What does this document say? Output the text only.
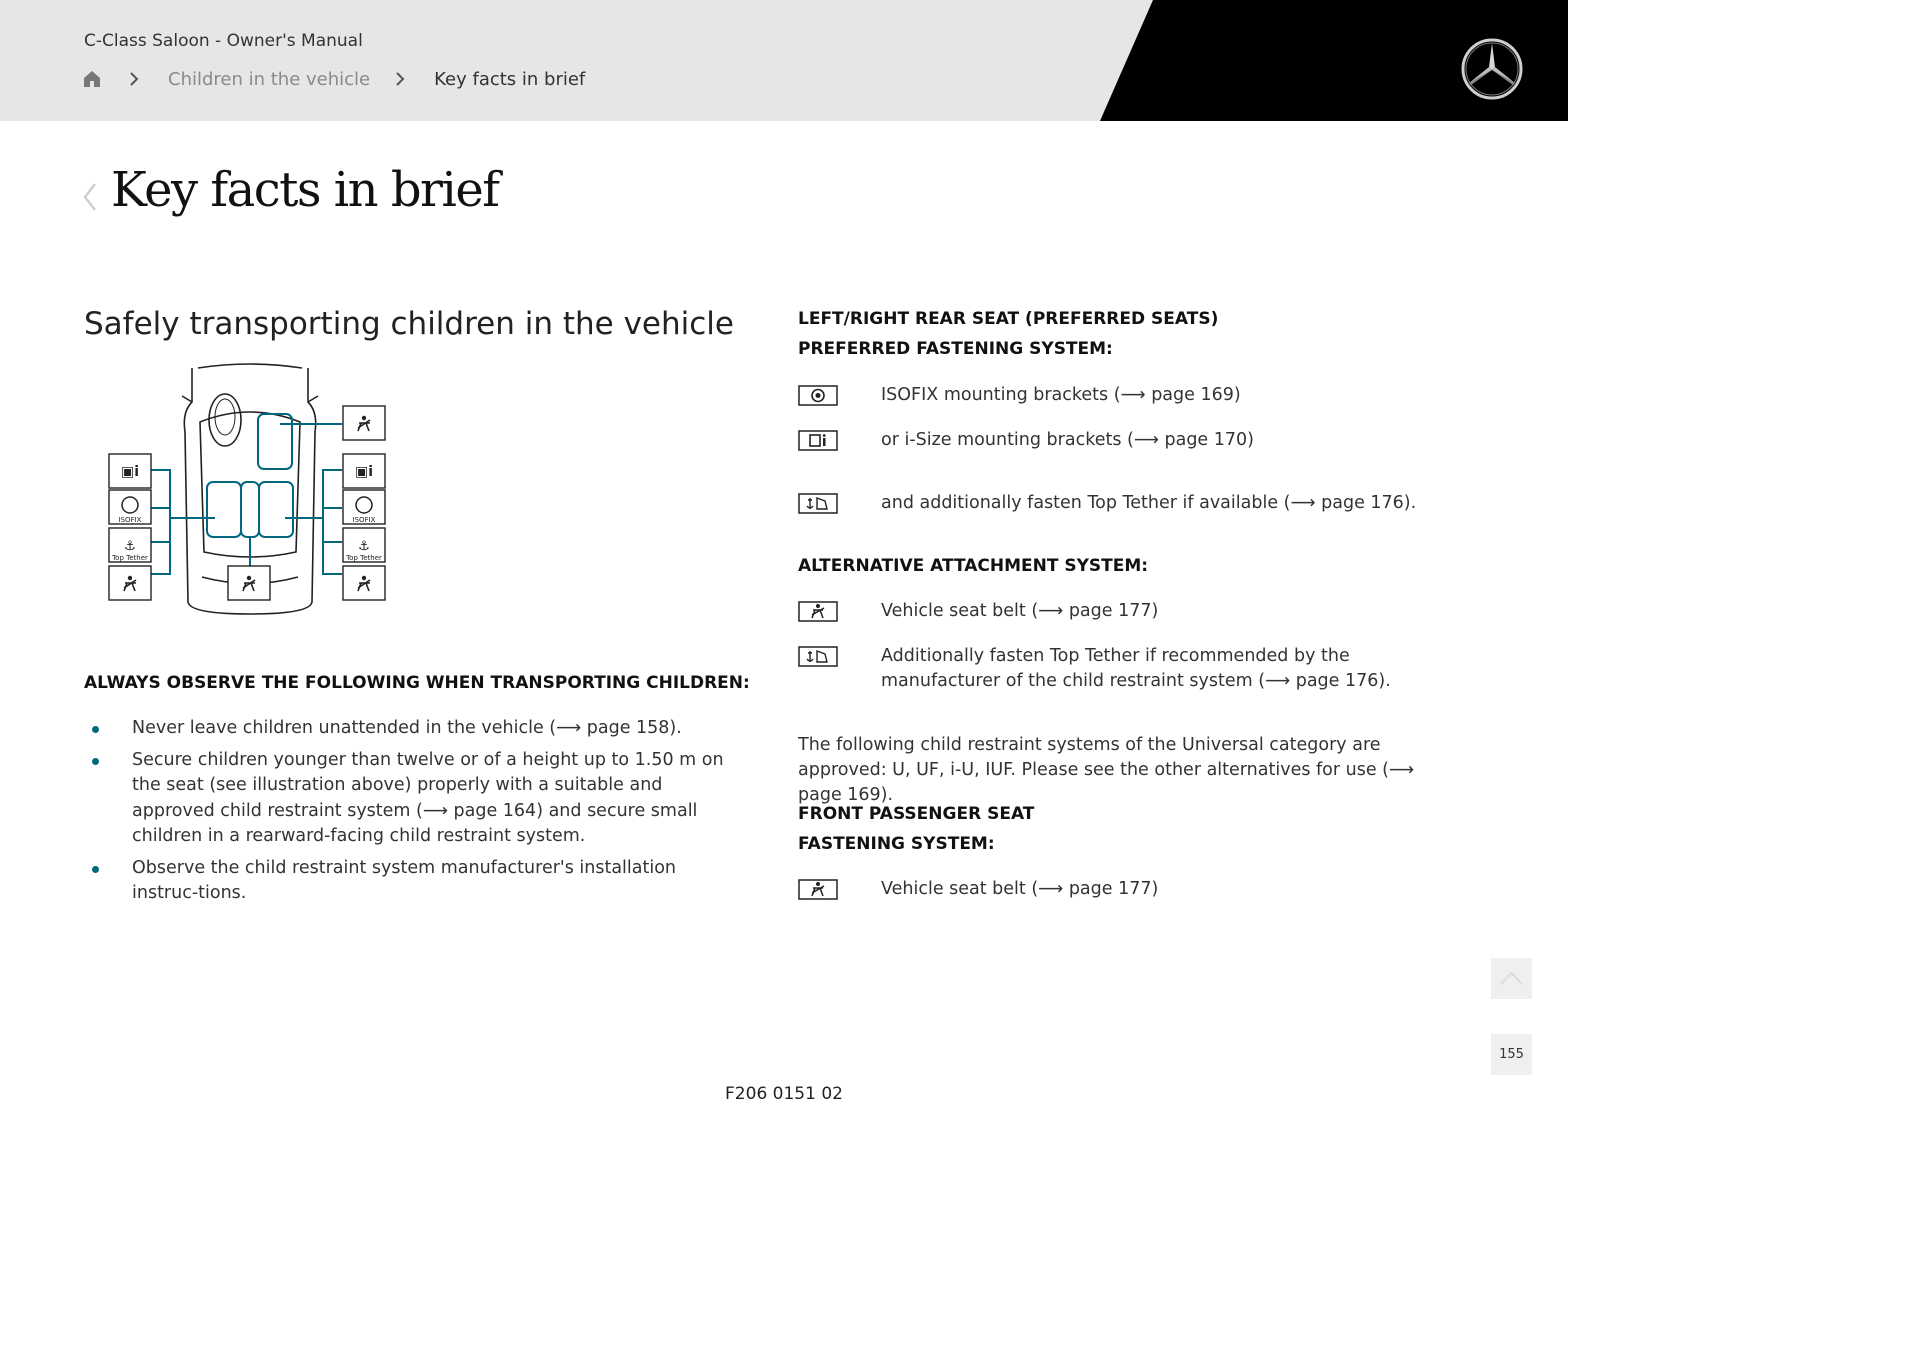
C-Class Saloon - Owner's Manual
Children in the vehicle	Key facts in brief
Key facts in brief
Safely transporting children in the vehicle
▣i	▣i
ISOFIX	ISOFIX
⚓	⚓
Top Tether	Top Tether
ALWAYS OBSERVE THE FOLLOWING WHEN TRANSPORTING CHILDREN:
Never leave children unattended in the vehicle (⟶ page 158).
Secure children younger than twelve or of a height up to 1.50 m on the seat (see illustration above) properly with a suitable and approved child restraint system (⟶ page 164) and secure small children in a rearward-facing child restraint system.
Observe the child restraint system manufacturer's installation instruc-tions.
LEFT/RIGHT REAR SEAT (PREFERRED SEATS)
PREFERRED FASTENING SYSTEM:
ISOFIX mounting brackets (⟶ page 169)
or i-Size mounting brackets (⟶ page 170)
and additionally fasten Top Tether if available (⟶ page 176).
ALTERNATIVE ATTACHMENT SYSTEM:
Vehicle seat belt (⟶ page 177)
Additionally fasten Top Tether if recommended by the manufacturer of the child restraint system (⟶ page 176).

The following child restraint systems of the Universal category are approved: U, UF, i-U, IUF. Please see the other alternatives for use (⟶ page 169).

FRONT PASSENGER SEAT
FASTENING SYSTEM:
Vehicle seat belt (⟶ page 177)
155
F206 0151 02
